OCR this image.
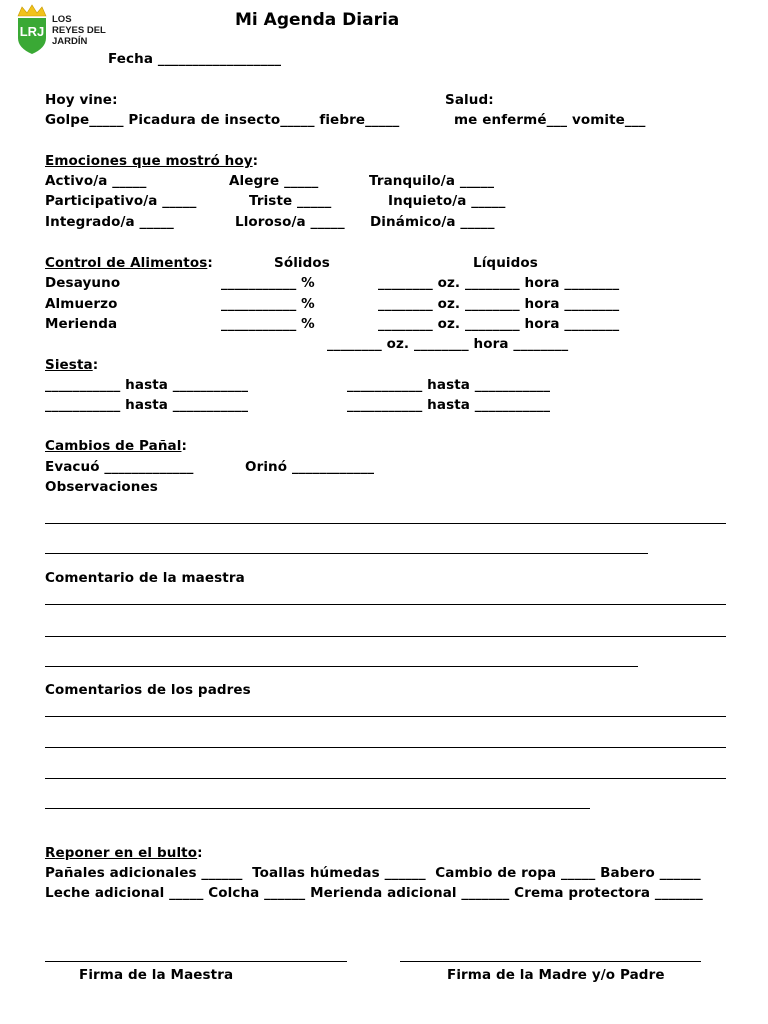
LRJ
LOS
REYES DEL
JARDÍN
Mi Agenda Diaria
Fecha __________________
Hoy vine:	Salud:
Golpe_____ Picadura de insecto_____ fiebre_____	me enfermé___ vomite___
Emociones que mostró hoy:
Activo/a _____	Alegre _____	Tranquilo/a _____
Participativo/a _____	Triste _____	Inquieto/a _____
Integrado/a _____	Lloroso/a _____ Dinámico/a _____
Control de Alimentos:	Sólidos	Líquidos
Desayuno	___________ %	________ oz. ________ hora ________
Almuerzo	___________ %	________ oz. ________ hora ________
Merienda	___________ %	________ oz. ________ hora ________
________ oz. ________ hora ________
Siesta:
___________ hasta ___________	___________ hasta ___________
___________ hasta ___________	___________ hasta ___________
Cambios de Pañal:
Evacuó _____________	Orinó ____________
Observaciones
Comentario de la maestra
Comentarios de los padres
Reponer en el bulto:
Pañales adicionales ______  Toallas húmedas ______  Cambio de ropa _____ Babero ______
Leche adicional _____ Colcha ______ Merienda adicional _______ Crema protectora _______
Firma de la Maestra	Firma de la Madre y/o Padre
